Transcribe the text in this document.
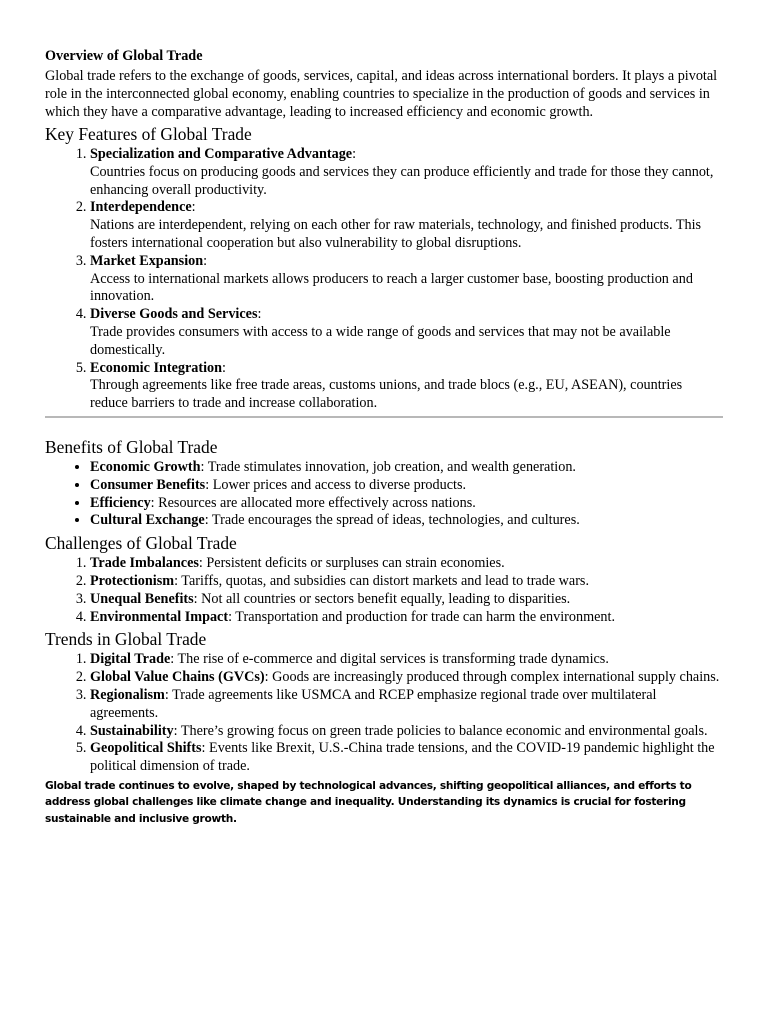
Overview of Global Trade

Global trade refers to the exchange of goods, services, capital, and ideas across international borders. It plays a pivotal role in the interconnected global economy, enabling countries to specialize in the production of goods and services in which they have a comparative advantage, leading to increased efficiency and economic growth.

Key Features of Global Trade
1. Specialization and Comparative Advantage:
Countries focus on producing goods and services they can produce efficiently and trade for those they cannot, enhancing overall productivity.
2. Interdependence:
Nations are interdependent, relying on each other for raw materials, technology, and finished products. This fosters international cooperation but also vulnerability to global disruptions.
3. Market Expansion:
Access to international markets allows producers to reach a larger customer base, boosting production and innovation.
4. Diverse Goods and Services:
Trade provides consumers with access to a wide range of goods and services that may not be available domestically.
5. Economic Integration:
Through agreements like free trade areas, customs unions, and trade blocs (e.g., EU, ASEAN), countries reduce barriers to trade and increase collaboration.
Benefits of Global Trade
• Economic Growth: Trade stimulates innovation, job creation, and wealth generation.
• Consumer Benefits: Lower prices and access to diverse products.
• Efficiency: Resources are allocated more effectively across nations.
• Cultural Exchange: Trade encourages the spread of ideas, technologies, and cultures.
Challenges of Global Trade
1. Trade Imbalances: Persistent deficits or surpluses can strain economies.
2. Protectionism: Tariffs, quotas, and subsidies can distort markets and lead to trade wars.
3. Unequal Benefits: Not all countries or sectors benefit equally, leading to disparities.
4. Environmental Impact: Transportation and production for trade can harm the environment.
Trends in Global Trade
1. Digital Trade: The rise of e-commerce and digital services is transforming trade dynamics.
2. Global Value Chains (GVCs): Goods are increasingly produced through complex international supply chains.
3. Regionalism: Trade agreements like USMCA and RCEP emphasize regional trade over multilateral agreements.
4. Sustainability: There’s growing focus on green trade policies to balance economic and environmental goals.
5. Geopolitical Shifts: Events like Brexit, U.S.-China trade tensions, and the COVID-19 pandemic highlight the political dimension of trade.

Global trade continues to evolve, shaped by technological advances, shifting geopolitical alliances, and efforts to address global challenges like climate change and inequality. Understanding its dynamics is crucial for fostering sustainable and inclusive growth.
